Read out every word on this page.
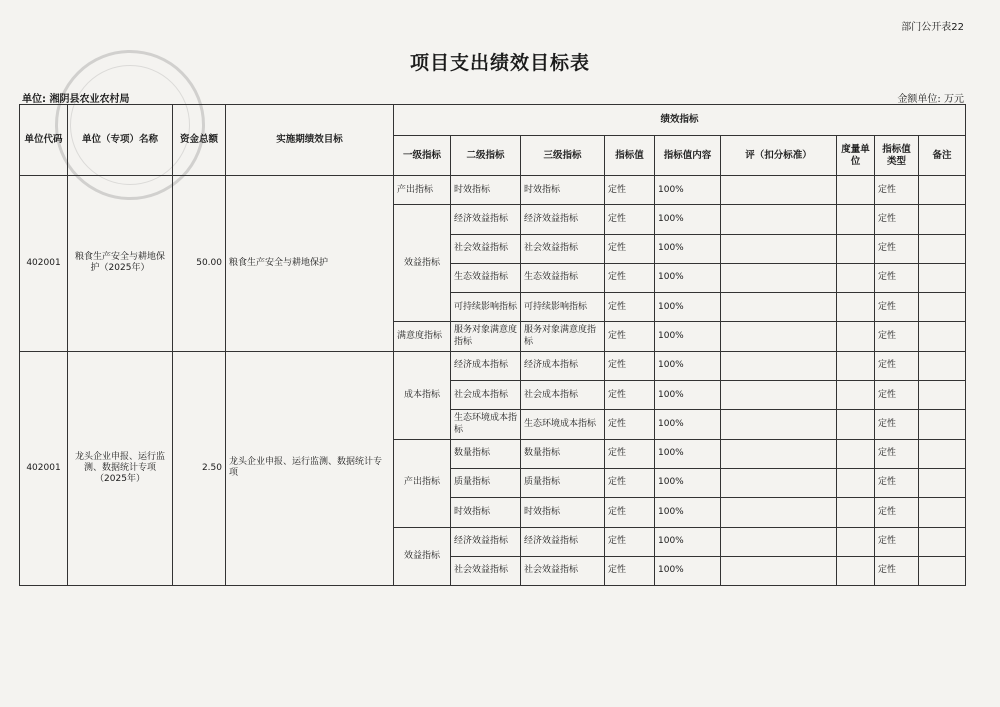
部门公开表22
项目支出绩效目标表
单位: 湘阴县农业农村局	金额单位: 万元
单位代码	单位（专项）名称	资金总额	实施期绩效目标	绩效指标								
				一级指标	二级指标	三级指标	指标值	指标值内容	评（扣分标准）	度量单位	指标值类型	备注
402001	粮食生产安全与耕地保护（2025年）	50.00	粮食生产安全与耕地保护	产出指标	时效指标	时效指标	定性	100%			定性	
				效益指标	经济效益指标	经济效益指标	定性	100%			定性	
					社会效益指标	社会效益指标	定性	100%			定性	
					生态效益指标	生态效益指标	定性	100%			定性	
					可持续影响指标	可持续影响指标	定性	100%			定性	
				满意度指标	服务对象满意度指标	服务对象满意度指标	定性	100%			定性	
402001	龙头企业申报、运行监测、数据统计专项（2025年）	2.50	龙头企业申报、运行监测、数据统计专项	成本指标	经济成本指标	经济成本指标	定性	100%			定性	
					社会成本指标	社会成本指标	定性	100%			定性	
					生态环境成本指标	生态环境成本指标	定性	100%			定性	
				产出指标	数量指标	数量指标	定性	100%			定性	
					质量指标	质量指标	定性	100%			定性	
					时效指标	时效指标	定性	100%			定性	
				效益指标	经济效益指标	经济效益指标	定性	100%			定性	
					社会效益指标	社会效益指标	定性	100%			定性	
